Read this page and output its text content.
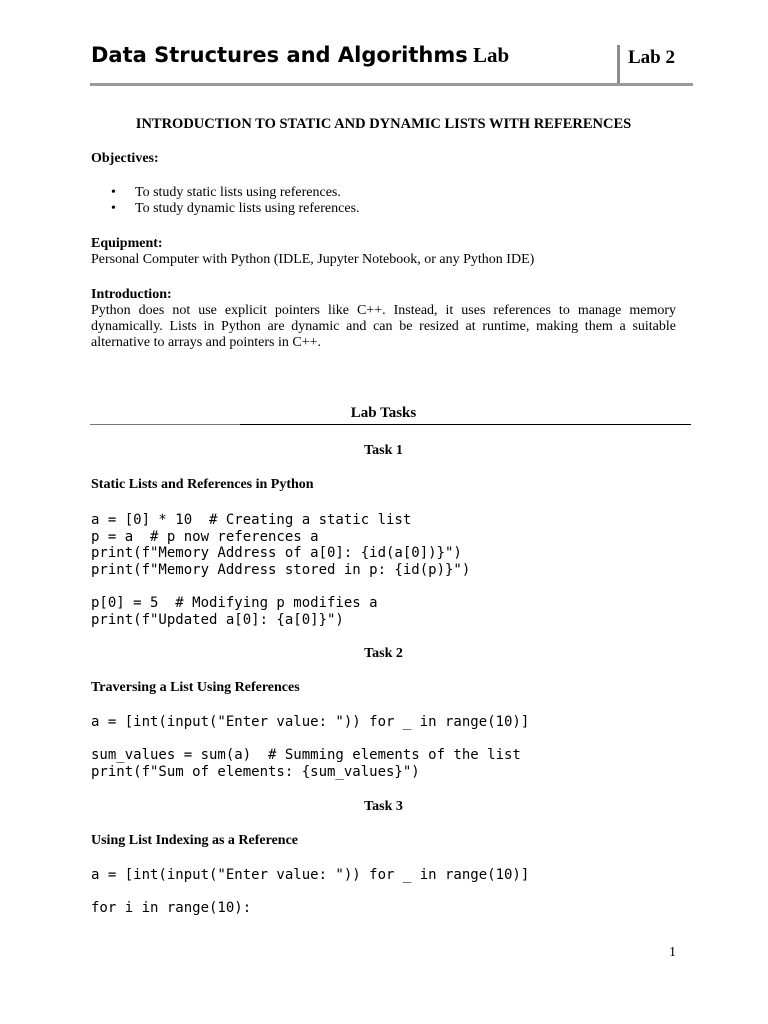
Data Structures and Algorithms Lab	Lab 2
INTRODUCTION TO STATIC AND DYNAMIC LISTS WITH REFERENCES
Objectives:
• To study static lists using references.
• To study dynamic lists using references.
Equipment:
Personal Computer with Python (IDLE, Jupyter Notebook, or any Python IDE)
Introduction:
Python does not use explicit pointers like C++. Instead, it uses references to manage memory dynamically. Lists in Python are dynamic and can be resized at runtime, making them a suitable alternative to arrays and pointers in C++.
Lab Tasks
Task 1
Static Lists and References in Python
a = [0] * 10  # Creating a static list
p = a  # p now references a
print(f"Memory Address of a[0]: {id(a[0])}")
print(f"Memory Address stored in p: {id(p)}")

p[0] = 5  # Modifying p modifies a
print(f"Updated a[0]: {a[0]}")
Task 2
Traversing a List Using References
a = [int(input("Enter value: ")) for _ in range(10)]

sum_values = sum(a)  # Summing elements of the list
print(f"Sum of elements: {sum_values}")
Task 3
Using List Indexing as a Reference
a = [int(input("Enter value: ")) for _ in range(10)]

for i in range(10):
1
